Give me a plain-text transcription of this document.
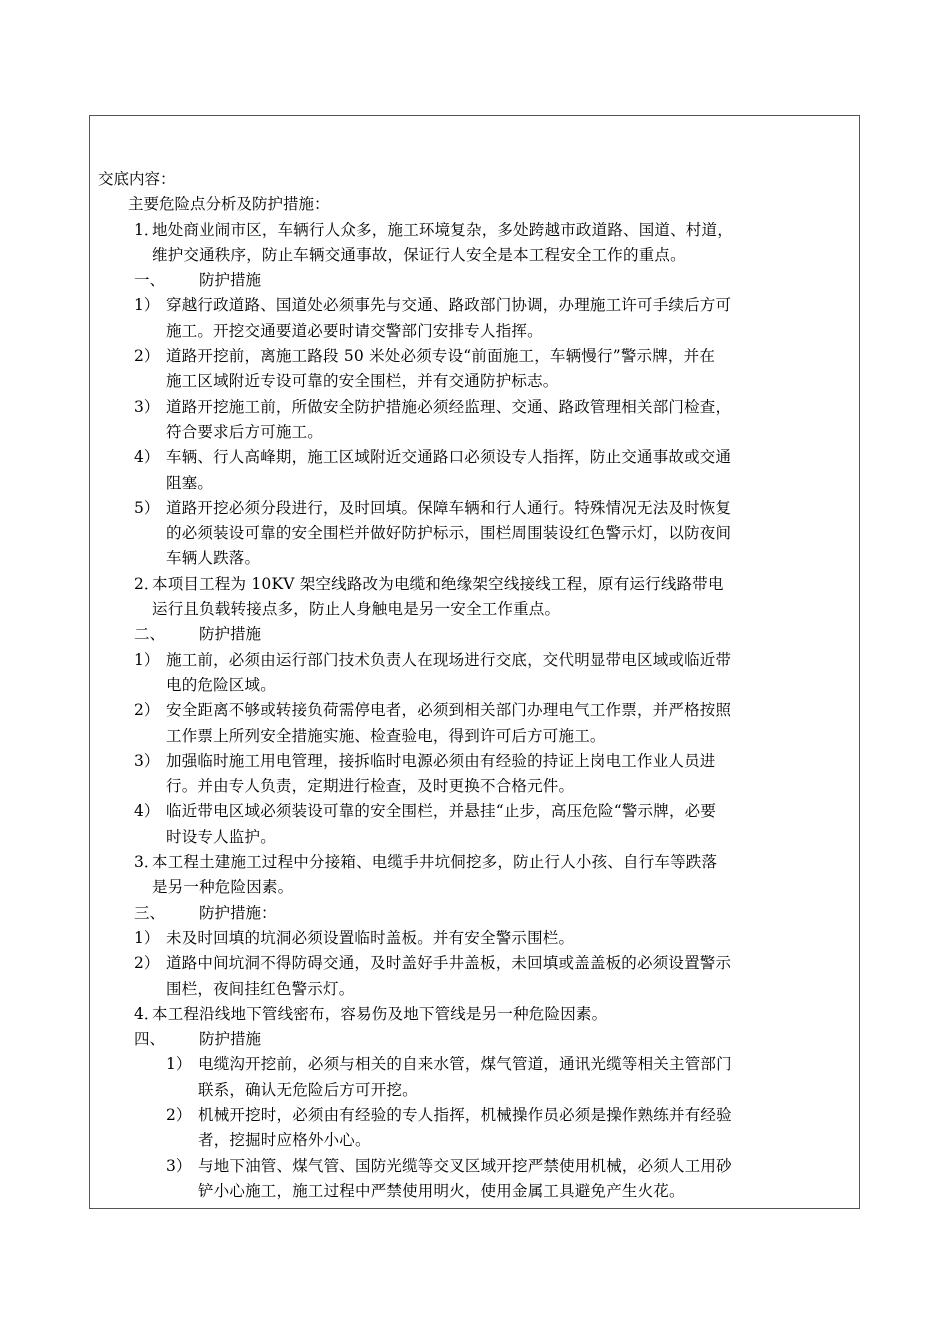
交底内容：
主要危险点分析及防护措施：
1．
地处商业闹市区，车辆行人众多，施工环境复杂，多处跨越市政道路、国道、村道，
维护交通秩序，防止车辆交通事故，保证行人安全是本工程安全工作的重点。
一、 防护措施
1） 穿越行政道路、国道处必须事先与交通、路政部门协调，办理施工许可手续后方可
施工。开挖交通要道必要时请交警部门安排专人指挥。
2） 道路开挖前，离施工路段 50 米处必须专设“前面施工，车辆慢行”警示牌，并在
施工区域附近专设可靠的安全围栏，并有交通防护标志。
3） 道路开挖施工前，所做安全防护措施必须经监理、交通、路政管理相关部门检查，
符合要求后方可施工。
4） 车辆、行人高峰期，施工区域附近交通路口必须设专人指挥，防止交通事故或交通
阻塞。
5） 道路开挖必须分段进行，及时回填。保障车辆和行人通行。特殊情况无法及时恢复
的必须装设可靠的安全围栏并做好防护标示，围栏周围装设红色警示灯，以防夜间
车辆人跌落。
2．
本项目工程为 10KV 架空线路改为电缆和绝缘架空线接线工程，原有运行线路带电
运行且负载转接点多，防止人身触电是另一安全工作重点。
二、 防护措施
1） 施工前，必须由运行部门技术负责人在现场进行交底，交代明显带电区域或临近带
电的危险区域。
2） 安全距离不够或转接负荷需停电者，必须到相关部门办理电气工作票，并严格按照
工作票上所列安全措施实施、检查验电，得到许可后方可施工。
3） 加强临时施工用电管理，接拆临时电源必须由有经验的持证上岗电工作业人员进
行。并由专人负责，定期进行检查，及时更换不合格元件。
4） 临近带电区域必须装设可靠的安全围栏，并悬挂“止步，高压危险“警示牌，必要
时设专人监护。
3．
本工程土建施工过程中分接箱、电缆手井坑侗挖多，防止行人小孩、自行车等跌落
是另一种危险因素。
三、 防护措施：
1） 未及时回填的坑洞必须设置临时盖板。并有安全警示围栏。
2） 道路中间坑洞不得防碍交通，及时盖好手井盖板，未回填或盖盖板的必须设置警示
围栏，夜间挂红色警示灯。
4．
本工程沿线地下管线密布，容易伤及地下管线是另一种危险因素。
四、 防护措施
1） 电缆沟开挖前，必须与相关的自来水管，煤气管道，通讯光缆等相关主管部门
联系，确认无危险后方可开挖。
2） 机械开挖时，必须由有经验的专人指挥，机械操作员必须是操作熟练并有经验
者，挖掘时应格外小心。
3） 与地下油管、煤气管、国防光缆等交叉区域开挖严禁使用机械，必须人工用砂
铲小心施工，施工过程中严禁使用明火，使用金属工具避免产生火花。
